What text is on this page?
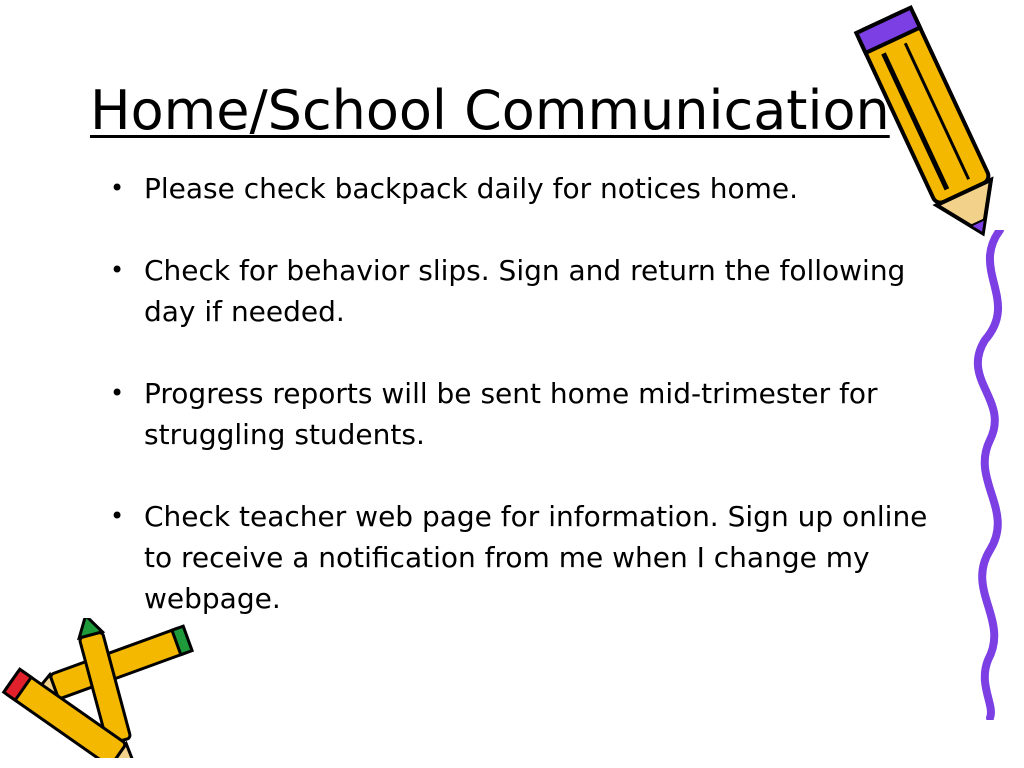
Home/School Communication
• Please check backpack daily for notices home.
• Check for behavior slips. Sign and return the following day if needed.
• Progress reports will be sent home mid-trimester for struggling students.
• Check teacher web page for information. Sign up online to receive a notification from me when I change my webpage.
